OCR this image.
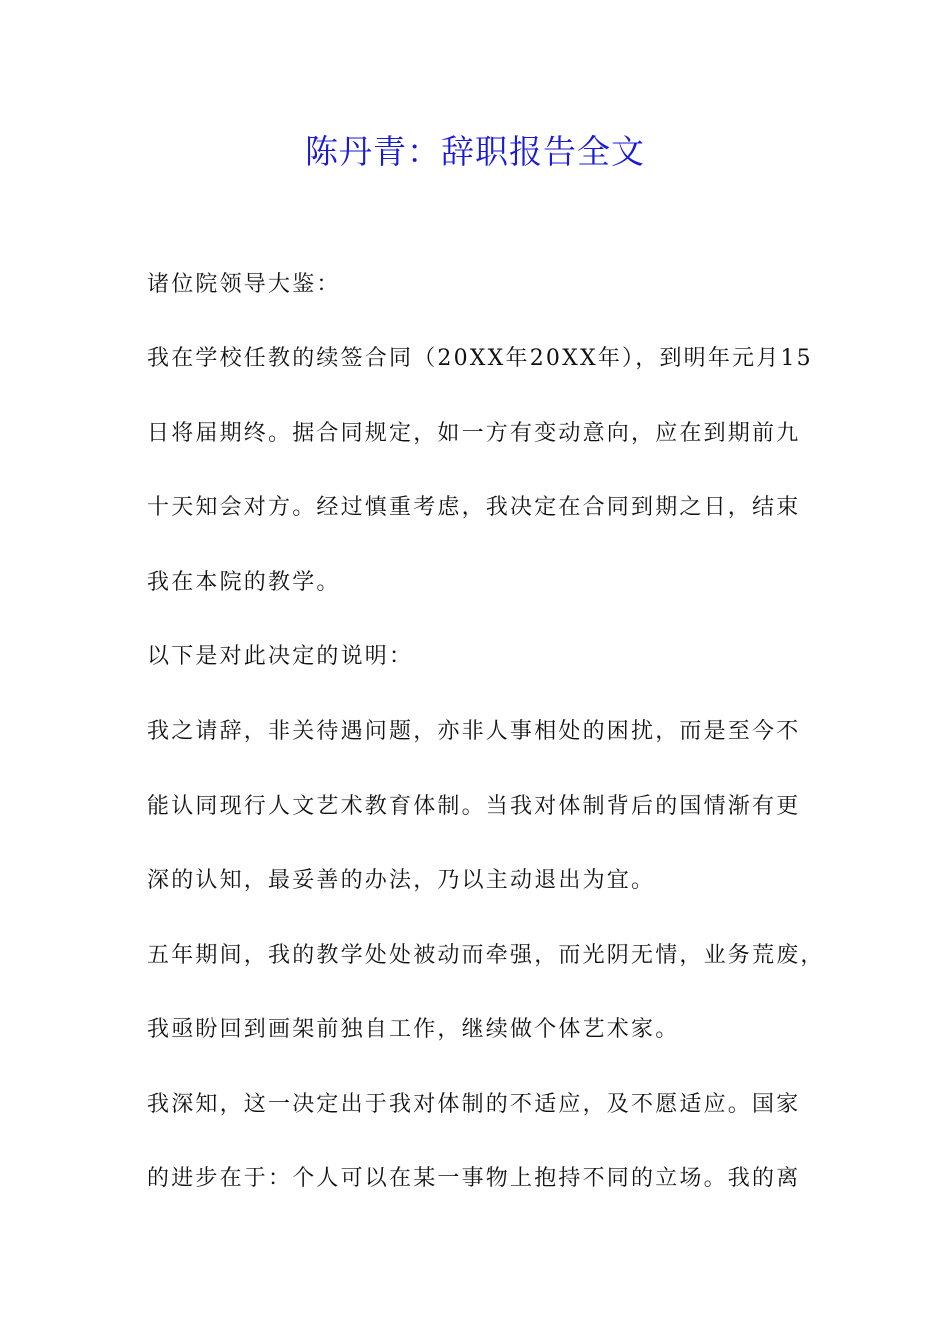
陈丹青：辞职报告全文
诸位院领导大鉴：
我在学校任教的续签合同（20XX年20XX年），到明年元月15
日将届期终。据合同规定，如一方有变动意向，应在到期前九
十天知会对方。经过慎重考虑，我决定在合同到期之日，结束
我在本院的教学。
以下是对此决定的说明：
我之请辞，非关待遇问题，亦非人事相处的困扰，而是至今不
能认同现行人文艺术教育体制。当我对体制背后的国情渐有更
深的认知，最妥善的办法，乃以主动退出为宜。
五年期间，我的教学处处被动而牵强，而光阴无情，业务荒废，
我亟盼回到画架前独自工作，继续做个体艺术家。
我深知，这一决定出于我对体制的不适应，及不愿适应。国家
的进步在于：个人可以在某一事物上抱持不同的立场。我的离
